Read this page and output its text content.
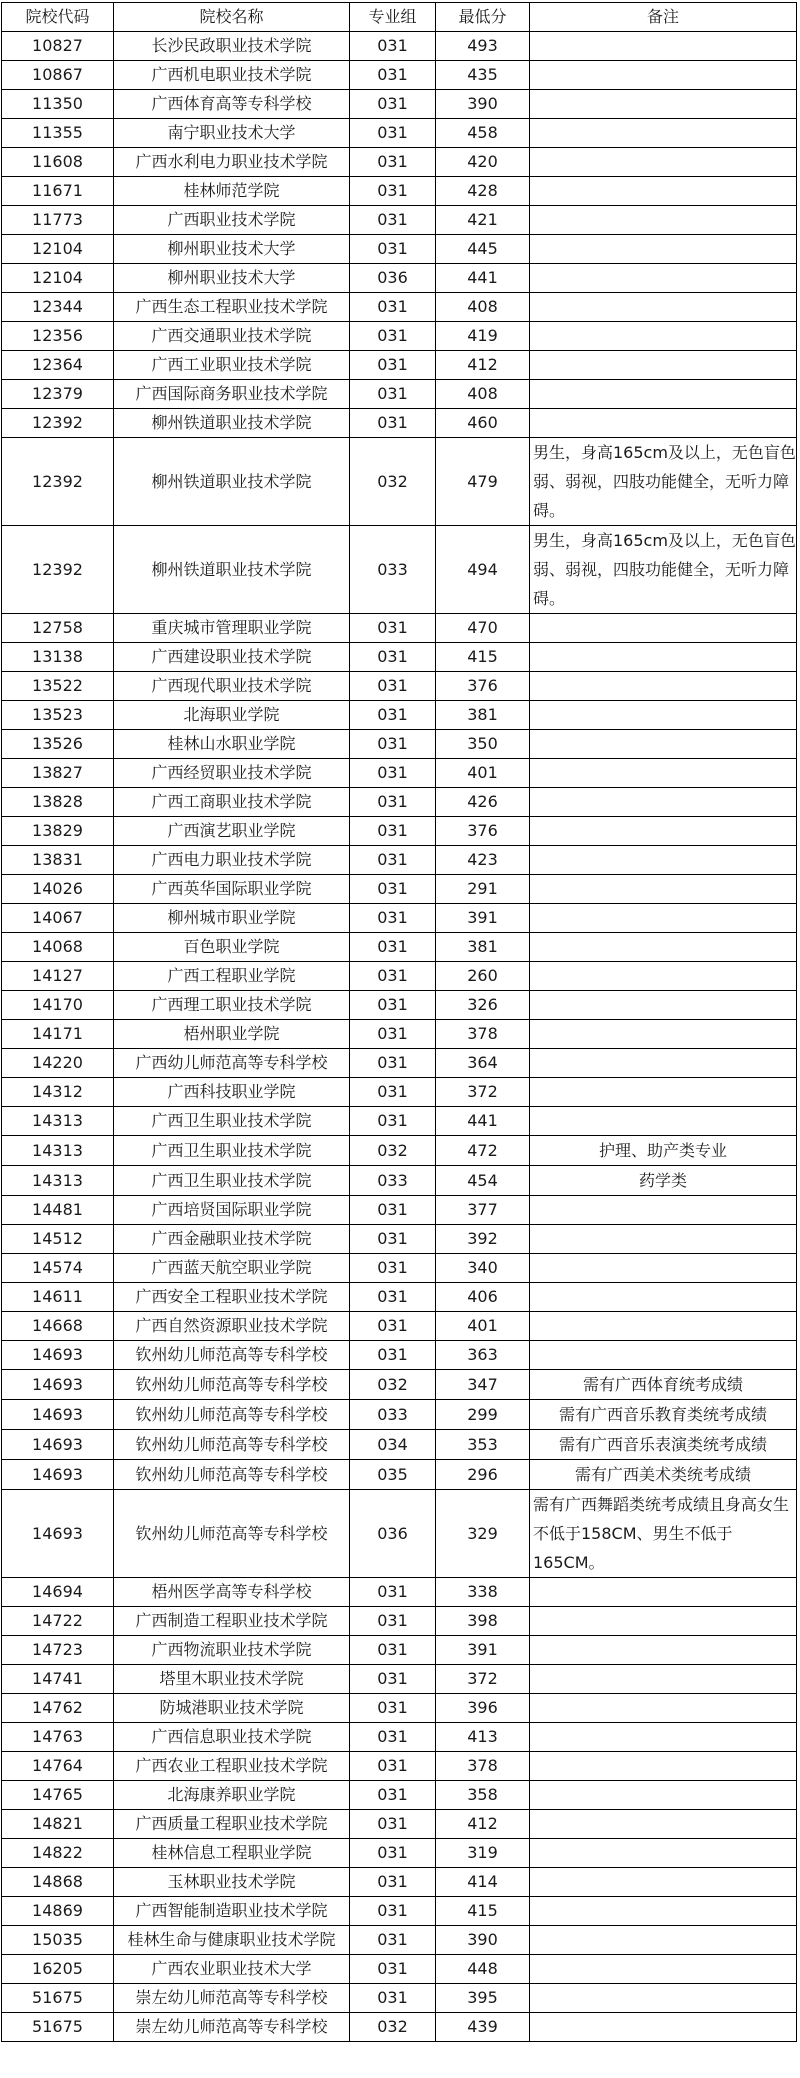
院校代码	院校名称	专业组	最低分	备注
10827	长沙民政职业技术学院	031	493	
10867	广西机电职业技术学院	031	435	
11350	广西体育高等专科学校	031	390	
11355	南宁职业技术大学	031	458	
11608	广西水利电力职业技术学院	031	420	
11671	桂林师范学院	031	428	
11773	广西职业技术学院	031	421	
12104	柳州职业技术大学	031	445	
12104	柳州职业技术大学	036	441	
12344	广西生态工程职业技术学院	031	408	
12356	广西交通职业技术学院	031	419	
12364	广西工业职业技术学院	031	412	
12379	广西国际商务职业技术学院	031	408	
12392	柳州铁道职业技术学院	031	460	
12392	柳州铁道职业技术学院	032	479	男生，身高165cm及以上，无色盲色弱、弱视，四肢功能健全，无听力障碍。
12392	柳州铁道职业技术学院	033	494	男生，身高165cm及以上，无色盲色弱、弱视，四肢功能健全，无听力障碍。
12758	重庆城市管理职业学院	031	470	
13138	广西建设职业技术学院	031	415	
13522	广西现代职业技术学院	031	376	
13523	北海职业学院	031	381	
13526	桂林山水职业学院	031	350	
13827	广西经贸职业技术学院	031	401	
13828	广西工商职业技术学院	031	426	
13829	广西演艺职业学院	031	376	
13831	广西电力职业技术学院	031	423	
14026	广西英华国际职业学院	031	291	
14067	柳州城市职业学院	031	391	
14068	百色职业学院	031	381	
14127	广西工程职业学院	031	260	
14170	广西理工职业技术学院	031	326	
14171	梧州职业学院	031	378	
14220	广西幼儿师范高等专科学校	031	364	
14312	广西科技职业学院	031	372	
14313	广西卫生职业技术学院	031	441	
14313	广西卫生职业技术学院	032	472	护理、助产类专业
14313	广西卫生职业技术学院	033	454	药学类
14481	广西培贤国际职业学院	031	377	
14512	广西金融职业技术学院	031	392	
14574	广西蓝天航空职业学院	031	340	
14611	广西安全工程职业技术学院	031	406	
14668	广西自然资源职业技术学院	031	401	
14693	钦州幼儿师范高等专科学校	031	363	
14693	钦州幼儿师范高等专科学校	032	347	需有广西体育统考成绩
14693	钦州幼儿师范高等专科学校	033	299	需有广西音乐教育类统考成绩
14693	钦州幼儿师范高等专科学校	034	353	需有广西音乐表演类统考成绩
14693	钦州幼儿师范高等专科学校	035	296	需有广西美术类统考成绩
14693	钦州幼儿师范高等专科学校	036	329	需有广西舞蹈类统考成绩且身高女生不低于158CM、男生不低于165CM。
14694	梧州医学高等专科学校	031	338	
14722	广西制造工程职业技术学院	031	398	
14723	广西物流职业技术学院	031	391	
14741	塔里木职业技术学院	031	372	
14762	防城港职业技术学院	031	396	
14763	广西信息职业技术学院	031	413	
14764	广西农业工程职业技术学院	031	378	
14765	北海康养职业学院	031	358	
14821	广西质量工程职业技术学院	031	412	
14822	桂林信息工程职业学院	031	319	
14868	玉林职业技术学院	031	414	
14869	广西智能制造职业技术学院	031	415	
15035	桂林生命与健康职业技术学院	031	390	
16205	广西农业职业技术大学	031	448	
51675	崇左幼儿师范高等专科学校	031	395	
51675	崇左幼儿师范高等专科学校	032	439	
